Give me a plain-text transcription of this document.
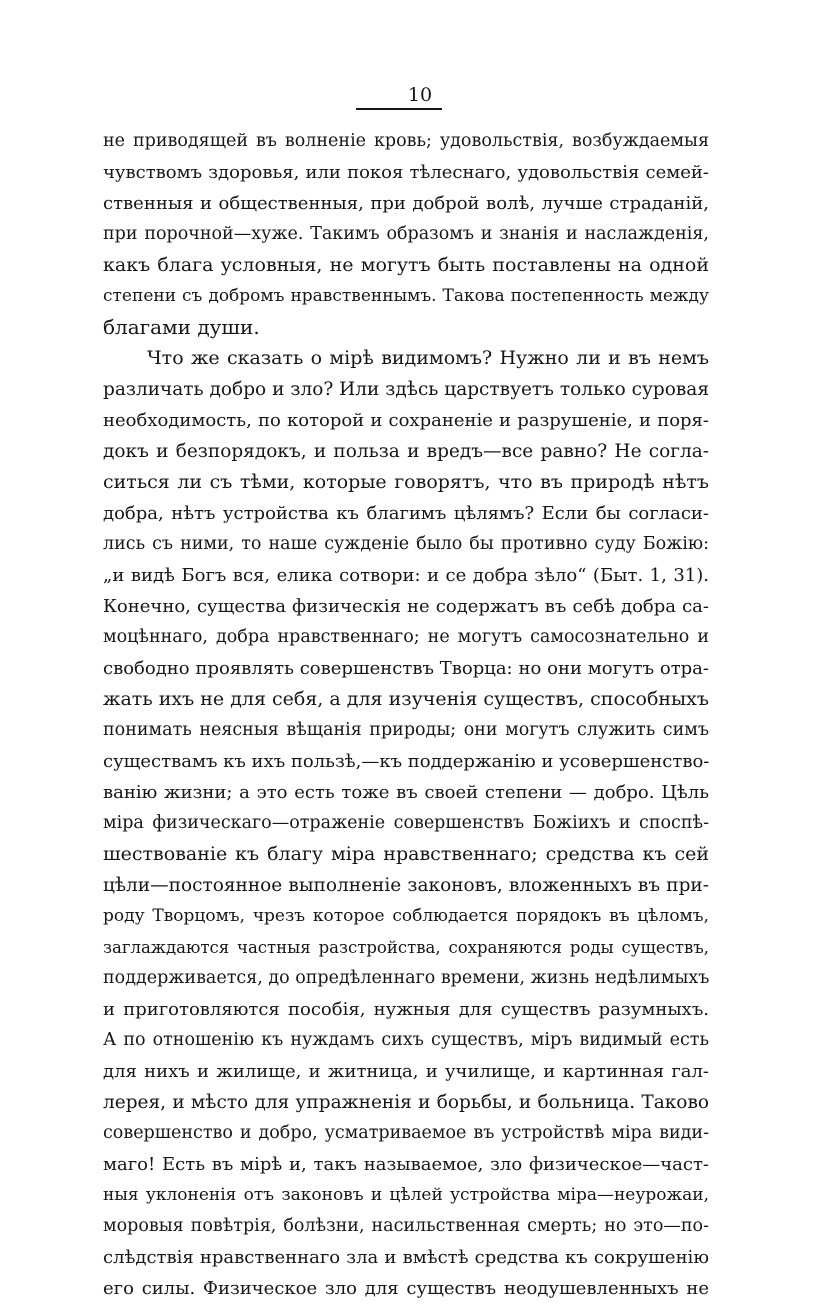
10
не приводящей въ волненіе кровь; удовольствія, возбуждаемыя
чувствомъ здоровья, или покоя тѣлеснаго, удовольствія семей-
ственныя и общественныя, при доброй волѣ, лучше страданій,
при порочной—хуже. Такимъ образомъ и знанія и наслажденія,
какъ блага условныя, не могутъ быть поставлены на одной
степени съ добромъ нравственнымъ. Такова постепенность между
благами души.
Что же сказать о мірѣ видимомъ? Нужно ли и въ немъ
различать добро и зло? Или здѣсь царствуетъ только суровая
необходимость, по которой и сохраненіе и разрушеніе, и поря-
докъ и безпорядокъ, и польза и вредъ—все равно? Не согла-
ситься ли съ тѣми, которые говорятъ, что въ природѣ нѣтъ
добра, нѣтъ устройства къ благимъ цѣлямъ? Если бы согласи-
лись съ ними, то наше сужденіе было бы противно суду Божію:
„и видѣ Богъ вся, елика сотвори: и се добра зѣло“ (Быт. 1, 31).
Конечно, существа физическія не содержатъ въ себѣ добра са-
моцѣннаго, добра нравственнаго; не могутъ самосознательно и
свободно проявлять совершенствъ Творца: но они могутъ отра-
жать ихъ не для себя, а для изученія существъ, способныхъ
понимать неясныя вѣщанія природы; они могутъ служить симъ
существамъ къ ихъ пользѣ,—къ поддержанію и усовершенство-
ванію жизни; а это есть тоже въ своей степени — добро. Цѣль
міра физическаго—отраженіе совершенствъ Божіихъ и споспѣ-
шествованіе къ благу міра нравственнаго; средства къ сей
цѣли—постоянное выполненіе законовъ, вложенныхъ въ при-
роду Творцомъ, чрезъ которое соблюдается порядокъ въ цѣломъ,
заглаждаются частныя разстройства, сохраняются роды существъ,
поддерживается, до опредѣленнаго времени, жизнь недѣлимыхъ
и приготовляются пособія, нужныя для существъ разумныхъ.
А по отношенію къ нуждамъ сихъ существъ, міръ видимый есть
для нихъ и жилище, и житница, и училище, и картинная гал-
лерея, и мѣсто для упражненія и борьбы, и больница. Таково
совершенство и добро, усматриваемое въ устройствѣ міра види-
маго! Есть въ мірѣ и, такъ называемое, зло физическое—част-
ныя уклоненія отъ законовъ и цѣлей устройства міра—неурожаи,
моровыя повѣтрія, болѣзни, насильственная смерть; но это—по-
слѣдствія нравственнаго зла и вмѣстѣ средства къ сокрушенію
его силы. Физическое зло для существъ неодушевленныхъ не
